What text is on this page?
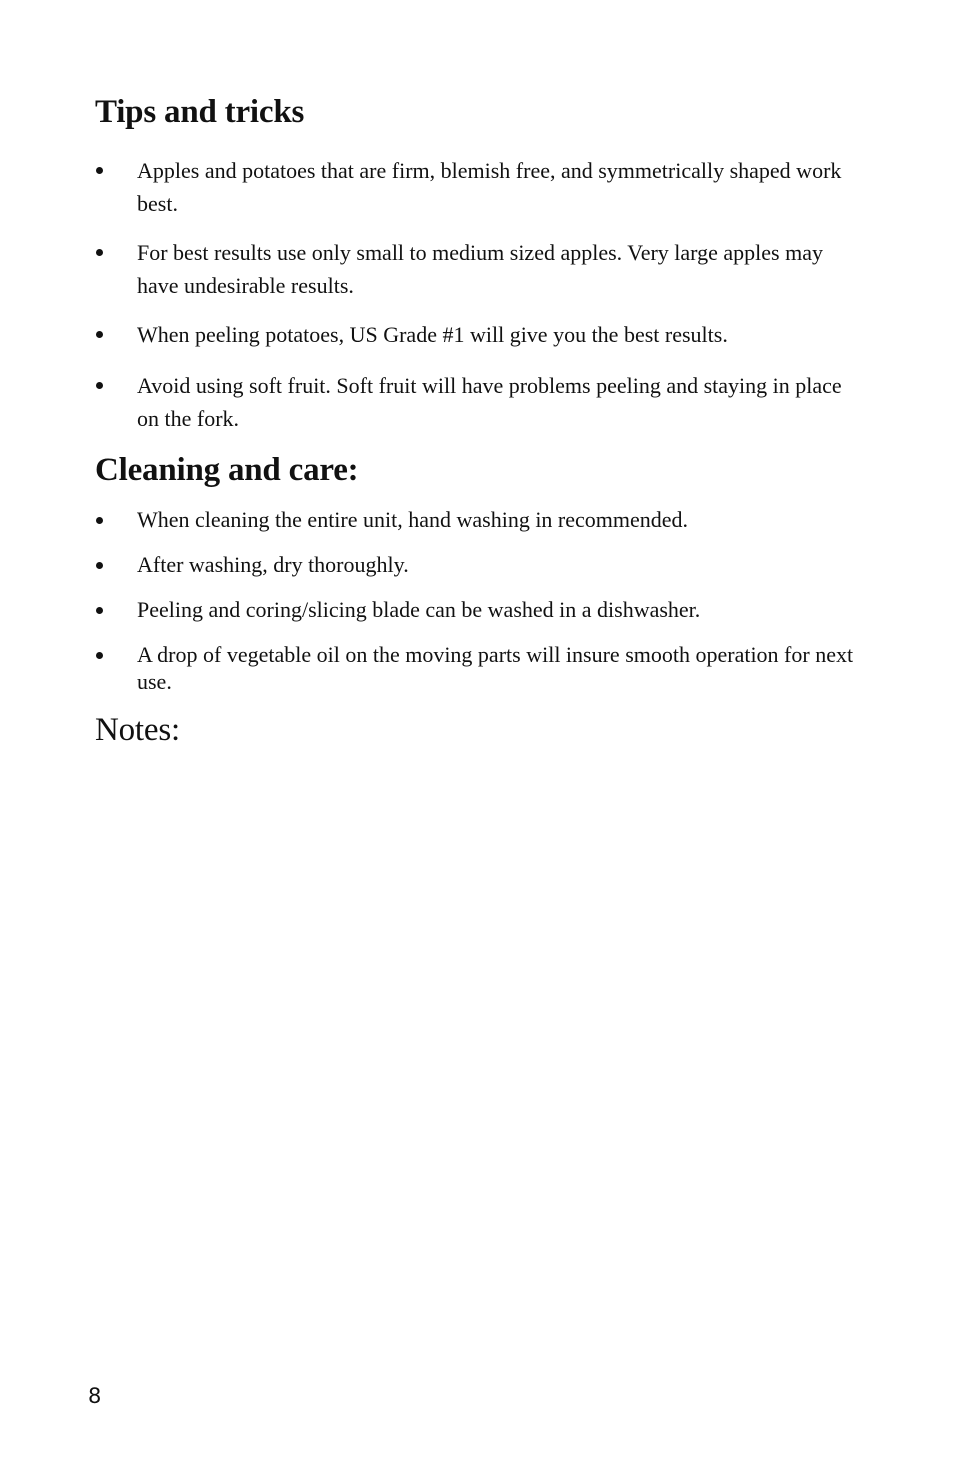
Tips and tricks
Apples and potatoes that are firm, blemish free, and symmetrically shaped work best.
For best results use only small to medium sized apples. Very large apples may have undesirable results.
When peeling potatoes, US Grade #1 will give you the best results.
Avoid using soft fruit. Soft fruit will have problems peeling and staying in place on the fork.
Cleaning and care:
When cleaning the entire unit, hand washing in recommended.
After washing, dry thoroughly.
Peeling and coring/slicing blade can be washed in a dishwasher.
A drop of vegetable oil on the moving parts will insure smooth operation for next use.
Notes:
8
